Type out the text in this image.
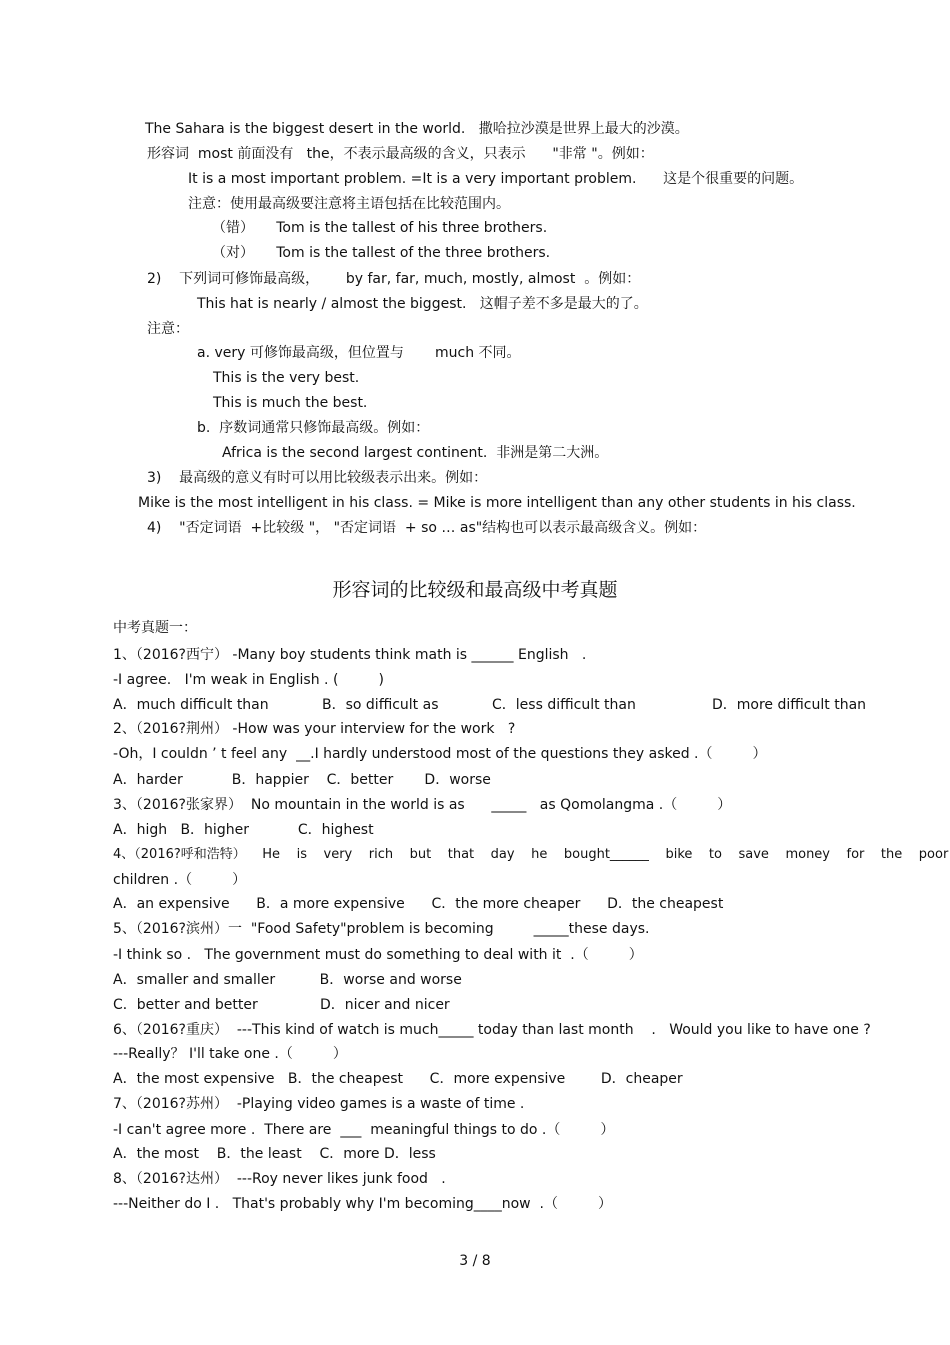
The Sahara is the biggest desert in the world.   撒哈拉沙漠是世界上最大的沙漠。
形容词  most 前面没有   the，不表示最高级的含义，只表示      "非常 "。例如：
It is a most important problem. =It is a very important problem.      这是个很重要的问题。
注意：使用最高级要注意将主语包括在比较范围内。
（错）     Tom is the tallest of his three brothers.
（对）     Tom is the tallest of the three brothers.
2)    下列词可修饰最高级，      by far, far, much, mostly, almost  。例如：
This hat is nearly / almost the biggest.   这帽子差不多是最大的了。
注意：
a. very 可修饰最高级，但位置与       much 不同。
This is the very best.
This is much the best.
b.  序数词通常只修饰最高级。例如：
Africa is the second largest continent.  非洲是第二大洲。
3)    最高级的意义有时可以用比较级表示出来。例如：
Mike is the most intelligent in his class. = Mike is more intelligent than any other students in his class.
4)    "否定词语  +比较级 "， "否定词语  + so … as"结构也可以表示最高级含义。例如：
形容词的比较级和最高级中考真题
中考真题一：
1、（2016?西宁） -Many boy students think math is ______ English   .
-I agree.   I'm weak in English . (         )
A．much difficult than	B．so difficult as	C．less difficult than	D．more difficult than
2、（2016?荆州） -How was your interview for the work   ?
-Oh，I couldn ’ t feel any  __.I hardly understood most of the questions they asked .（         ）
A．harder           B．happier    C．better       D．worse
3、（2016?张家界）  No mountain in the world is as      _____   as Qomolangma .（         ）
A．high   B．higher           C．highest
4、（2016?呼和浩特）    He    is    very    rich    but    that    day    he    bought______    bike    to    save    money    for    the    poor
children .（         ）
A．an expensive      B．a more expensive      C．the more cheaper      D．the cheapest
5、（2016?滨州）一  "Food Safety"problem is becoming         _____these days.
-I think so .   The government must do something to deal with it  .（         ）
A．smaller and smaller          B．worse and worse
C．better and better              D．nicer and nicer
6、（2016?重庆）  ---This kind of watch is much_____ today than last month    .   Would you like to have one ?
---Really？ I'll take one .（         ）
A．the most expensive   B．the cheapest      C．more expensive        D．cheaper
7、（2016?苏州）  -Playing video games is a waste of time .
-I can't agree more .  There are  ___  meaningful things to do .（         ）
A．the most    B．the least    C．more D．less
8、（2016?达州）  ---Roy never likes junk food   .
---Neither do I .   That's probably why I'm becoming____now  .（         ）
3 / 8
